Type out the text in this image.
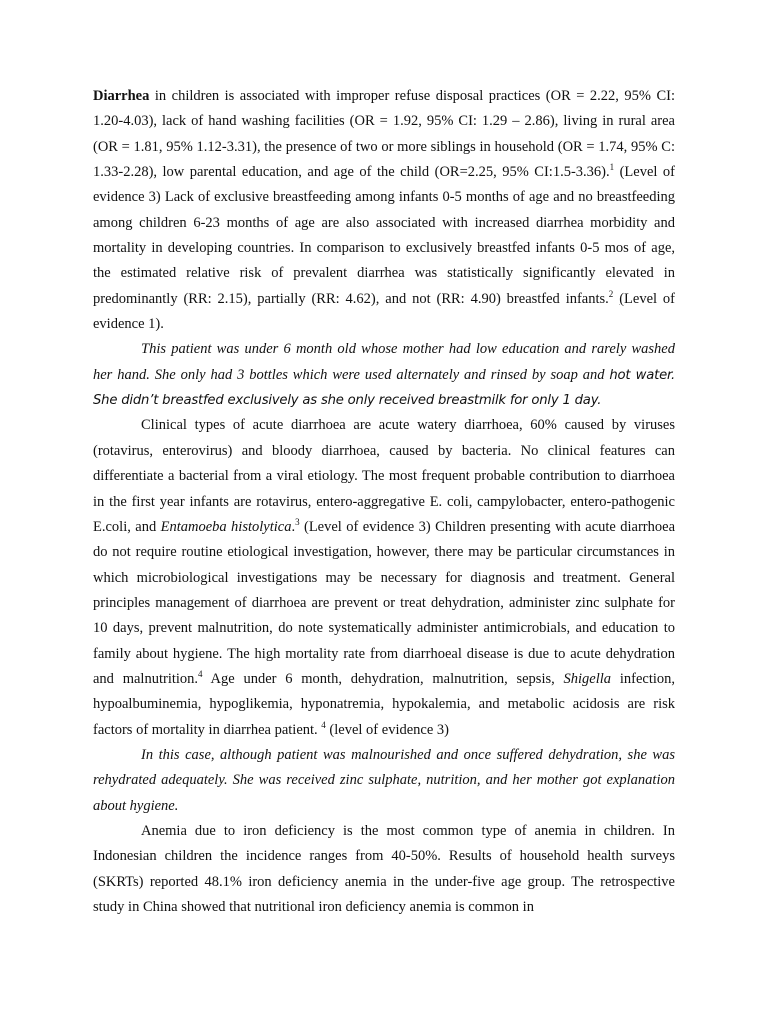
Diarrhea in children is associated with improper refuse disposal practices (OR = 2.22, 95% CI: 1.20-4.03), lack of hand washing facilities (OR = 1.92, 95% CI: 1.29 – 2.86), living in rural area (OR = 1.81, 95% 1.12-3.31), the presence of two or more siblings in household (OR = 1.74, 95% C: 1.33-2.28), low parental education, and age of the child (OR=2.25, 95% CI:1.5-3.36).$^1$ (Level of evidence 3) Lack of exclusive breastfeeding among infants 0-5 months of age and no breastfeeding among children 6-23 months of age are also associated with increased diarrhea morbidity and mortality in developing countries. In comparison to exclusively breastfed infants 0-5 mos of age, the estimated relative risk of prevalent diarrhea was statistically significantly elevated in predominantly (RR: 2.15), partially (RR: 4.62), and not (RR: 4.90) breastfed infants.$^2$ (Level of evidence 1).

This patient was under 6 month old whose mother had low education and rarely washed her hand. She only had 3 bottles which were used alternately and rinsed by soap and hot water. She didn’t breastfed exclusively as she only received breastmilk for only 1 day.

Clinical types of acute diarrhoea are acute watery diarrhoea, 60% caused by viruses (rotavirus, enterovirus) and bloody diarrhoea, caused by bacteria. No clinical features can differentiate a bacterial from a viral etiology. The most frequent probable contribution to diarrhoea in the first year infants are rotavirus, entero-aggregative E. coli, campylobacter, entero-pathogenic E.coli, and Entamoeba histolytica.$^3$ (Level of evidence 3) Children presenting with acute diarrhoea do not require routine etiological investigation, however, there may be particular circumstances in which microbiological investigations may be necessary for diagnosis and treatment. General principles management of diarrhoea are prevent or treat dehydration, administer zinc sulphate for 10 days, prevent malnutrition, do note systematically administer antimicrobials, and education to family about hygiene. The high mortality rate from diarrhoeal disease is due to acute dehydration and malnutrition.$^4$ Age under 6 month, dehydration, malnutrition, sepsis, Shigella infection, hypoalbuminemia, hypoglikemia, hyponatremia, hypokalemia, and metabolic acidosis are risk factors of mortality in diarrhea patient. $^4$ (level of evidence 3)

In this case, although patient was malnourished and once suffered dehydration, she was rehydrated adequately. She was received zinc sulphate, nutrition, and her mother got explanation about hygiene.

Anemia due to iron deficiency is the most common type of anemia in children. In Indonesian children the incidence ranges from 40-50%. Results of household health surveys (SKRTs) reported 48.1% iron deficiency anemia in the under-five age group. The retrospective study in China showed that nutritional iron deficiency anemia is common in
